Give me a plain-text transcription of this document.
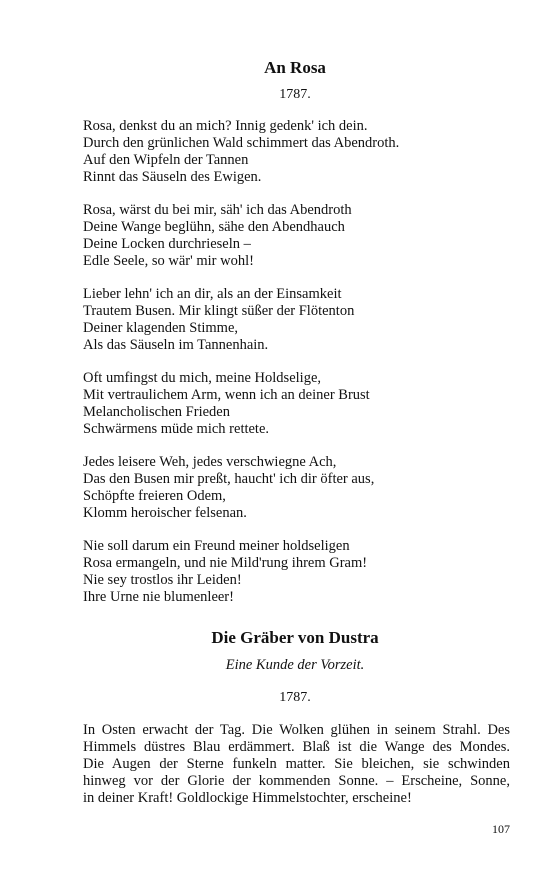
An Rosa
1787.
Rosa, denkst du an mich? Innig gedenk' ich dein.
Durch den grünlichen Wald schimmert das Abendroth.
Auf den Wipfeln der Tannen
Rinnt das Säuseln des Ewigen.
Rosa, wärst du bei mir, säh' ich das Abendroth
Deine Wange beglühn, sähe den Abendhauch
Deine Locken durchrieseln –
Edle Seele, so wär' mir wohl!
Lieber lehn' ich an dir, als an der Einsamkeit
Trautem Busen. Mir klingt süßer der Flötenton
Deiner klagenden Stimme,
Als das Säuseln im Tannenhain.
Oft umfingst du mich, meine Holdselige,
Mit vertraulichem Arm, wenn ich an deiner Brust
Melancholischen Frieden
Schwärmens müde mich rettete.
Jedes leisere Weh, jedes verschwiegne Ach,
Das den Busen mir preßt, haucht' ich dir öfter aus,
Schöpfte freieren Odem,
Klomm heroischer felsenan.
Nie soll darum ein Freund meiner holdseligen
Rosa ermangeln, und nie Mild'rung ihrem Gram!
Nie sey trostlos ihr Leiden!
Ihre Urne nie blumenleer!
Die Gräber von Dustra
Eine Kunde der Vorzeit.
1787.
In Osten erwacht der Tag. Die Wolken glühen in seinem Strahl. Des
Himmels düstres Blau erdämmert. Blaß ist die Wange des Mondes.
Die Augen der Sterne funkeln matter. Sie bleichen, sie schwinden
hinweg vor der Glorie der kommenden Sonne. – Erscheine, Sonne,
in deiner Kraft! Goldlockige Himmelstochter, erscheine!
107
